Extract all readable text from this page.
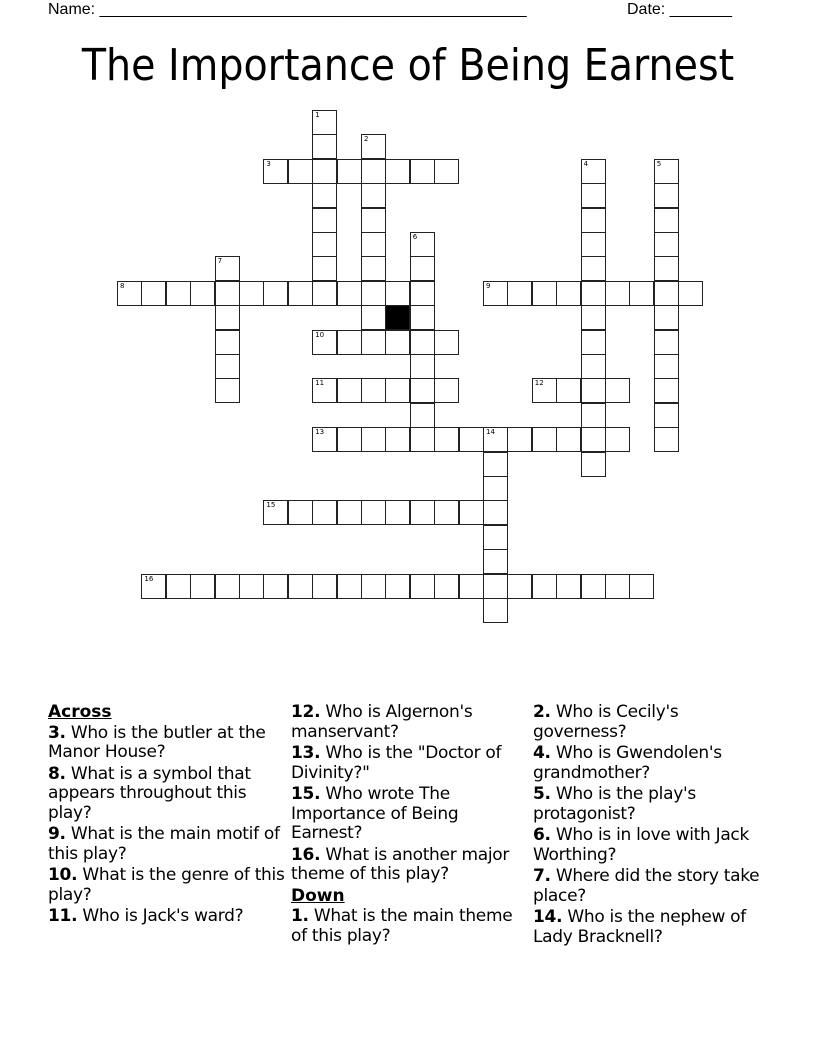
Name: ________________________________________________	Date: _______
The Importance of Being Earnest
1
2
3	4	5
6
7
8	9
10
11	12
13	14
15
16
Across
3. Who is the butler at the Manor House?
8. What is a symbol that appears throughout this play?
9. What is the main motif of this play?
10. What is the genre of this play?
11. Who is Jack's ward?
12. Who is Algernon's manservant?
13. Who is the "Doctor of Divinity?"
15. Who wrote The Importance of Being Earnest?
16. What is another major theme of this play?
Down
1. What is the main theme of this play?
2. Who is Cecily's governess?
4. Who is Gwendolen's grandmother?
5. Who is the play's protagonist?
6. Who is in love with Jack Worthing?
7. Where did the story take place?
14. Who is the nephew of Lady Bracknell?
